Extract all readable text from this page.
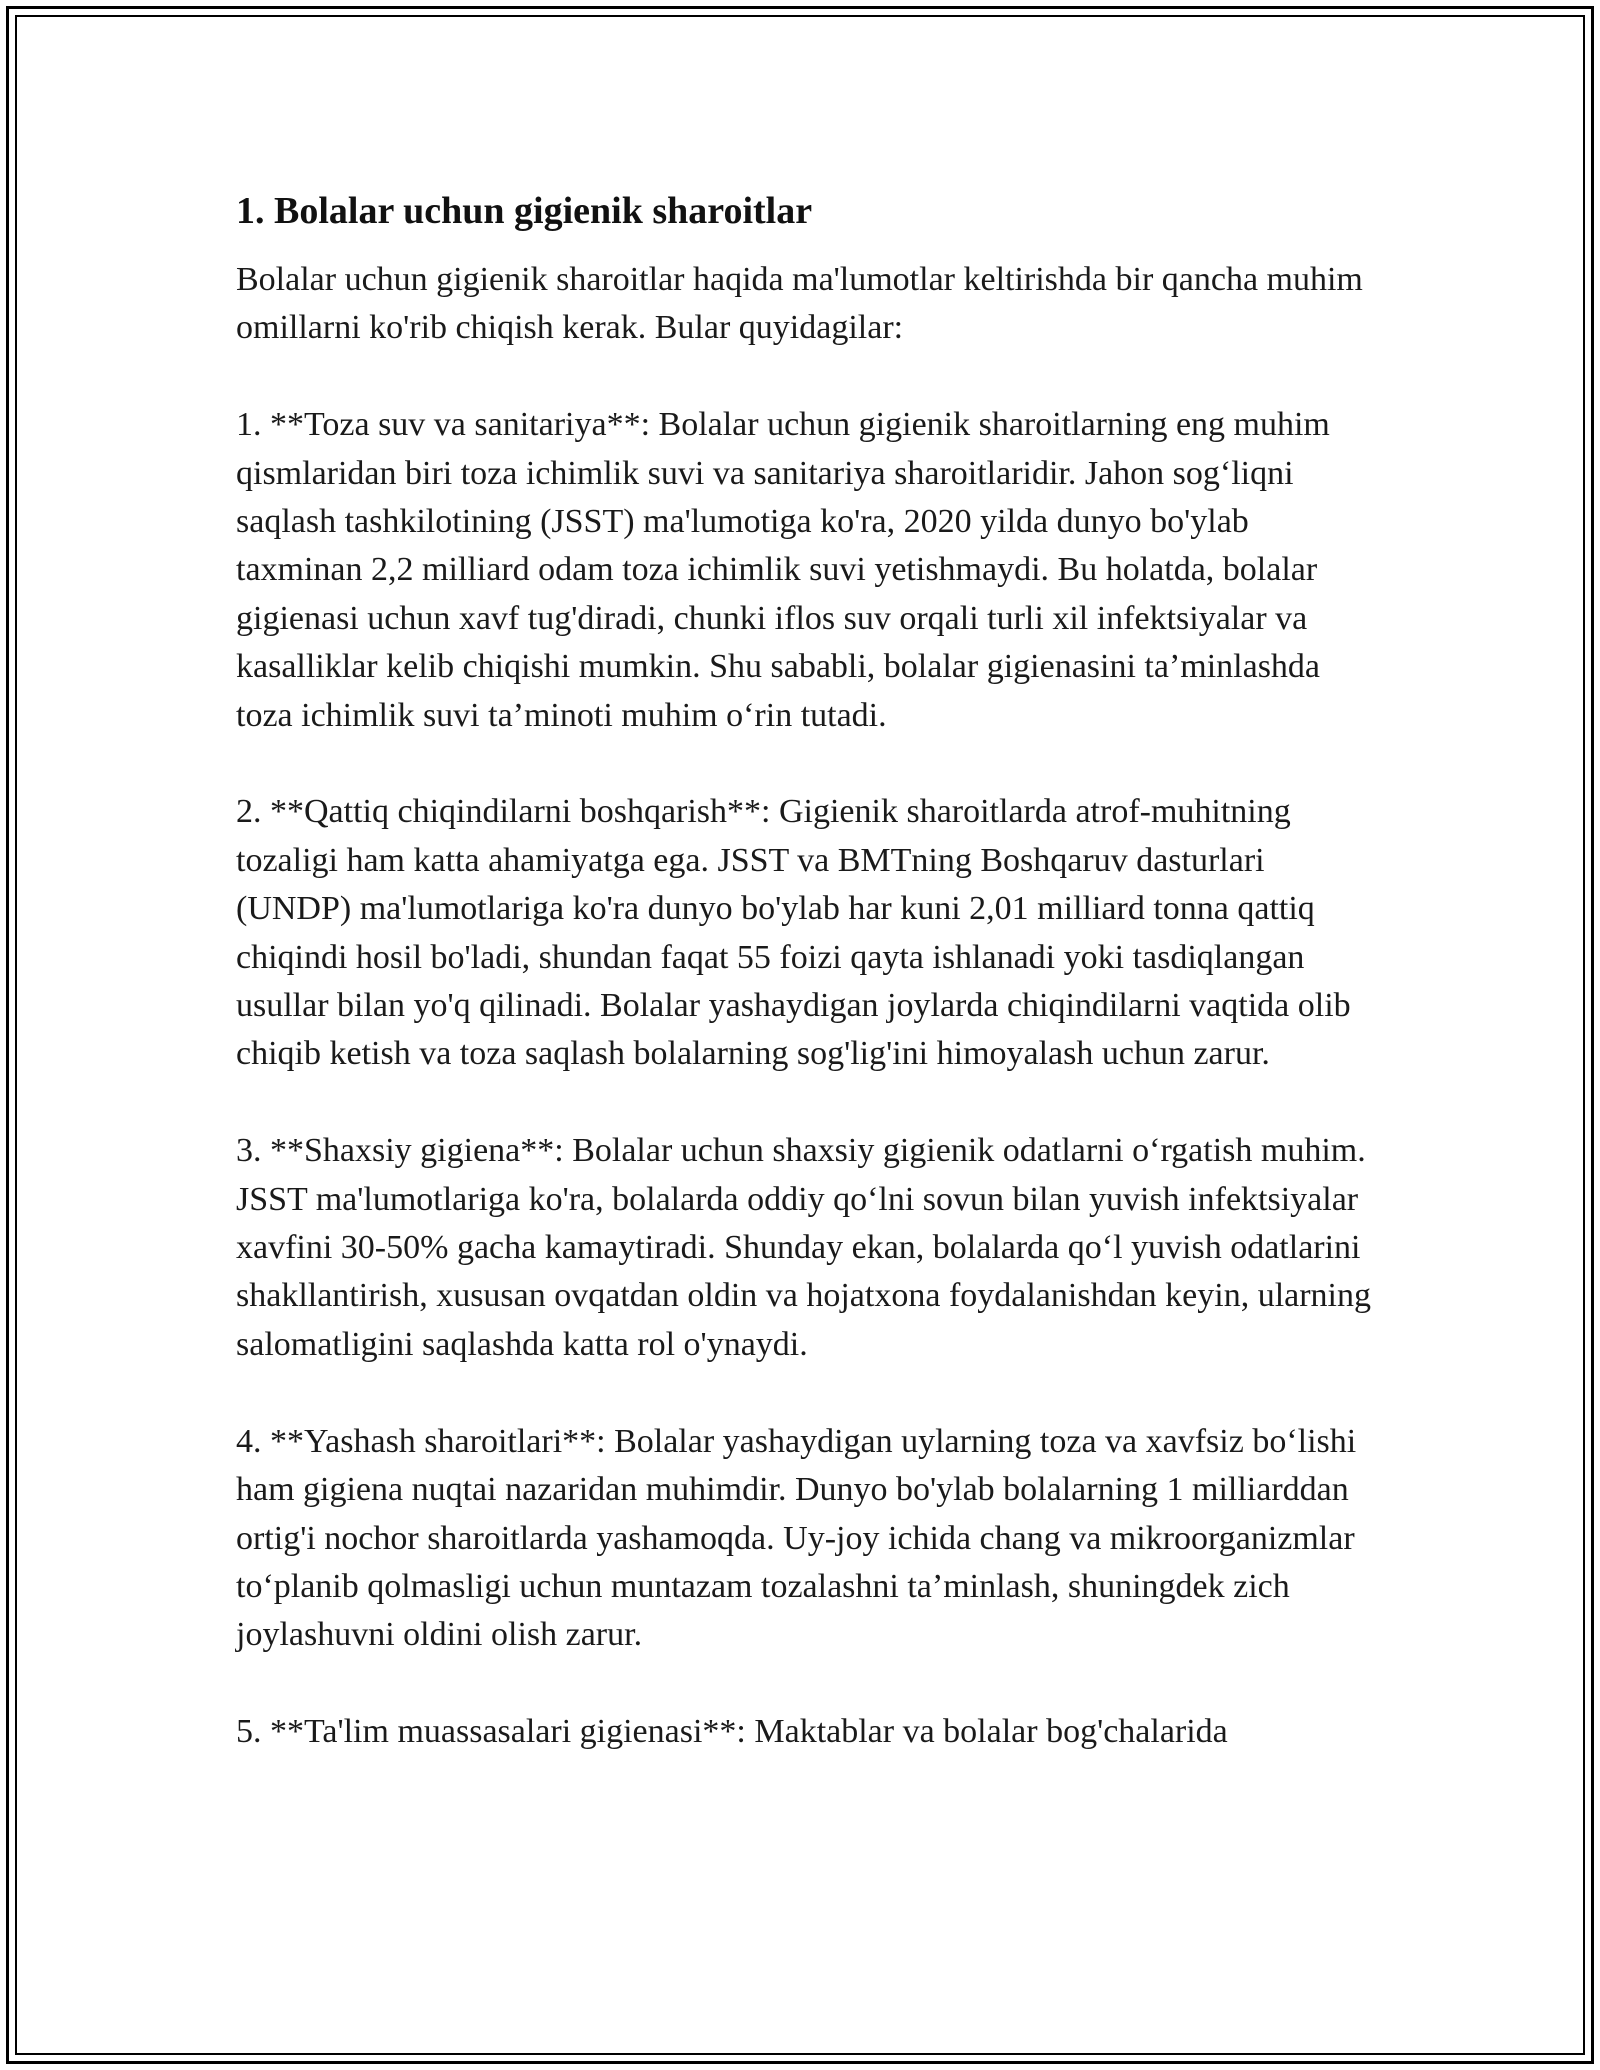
1. Bolalar uchun gigienik sharoitlar

Bolalar uchun gigienik sharoitlar haqida ma'lumotlar keltirishda bir qancha muhim omillarni ko'rib chiqish kerak. Bular quyidagilar:

1. **Toza suv va sanitariya**: Bolalar uchun gigienik sharoitlarning eng muhim qismlaridan biri toza ichimlik suvi va sanitariya sharoitlaridir. Jahon sog‘liqni saqlash tashkilotining (JSST) ma'lumotiga ko'ra, 2020 yilda dunyo bo'ylab taxminan 2,2 milliard odam toza ichimlik suvi yetishmaydi. Bu holatda, bolalar gigienasi uchun xavf tug'diradi, chunki iflos suv orqali turli xil infektsiyalar va kasalliklar kelib chiqishi mumkin. Shu sababli, bolalar gigienasini ta’minlashda toza ichimlik suvi ta’minoti muhim o‘rin tutadi.

2. **Qattiq chiqindilarni boshqarish**: Gigienik sharoitlarda atrof-muhitning tozaligi ham katta ahamiyatga ega. JSST va BMTning Boshqaruv dasturlari (UNDP) ma'lumotlariga ko'ra dunyo bo'ylab har kuni 2,01 milliard tonna qattiq chiqindi hosil bo'ladi, shundan faqat 55 foizi qayta ishlanadi yoki tasdiqlangan usullar bilan yo'q qilinadi. Bolalar yashaydigan joylarda chiqindilarni vaqtida olib chiqib ketish va toza saqlash bolalarning sog'lig'ini himoyalash uchun zarur.

3. **Shaxsiy gigiena**: Bolalar uchun shaxsiy gigienik odatlarni o‘rgatish muhim. JSST ma'lumotlariga ko'ra, bolalarda oddiy qo‘lni sovun bilan yuvish infektsiyalar xavfini 30-50% gacha kamaytiradi. Shunday ekan, bolalarda qo‘l yuvish odatlarini shakllantirish, xususan ovqatdan oldin va hojatxona foydalanishdan keyin, ularning salomatligini saqlashda katta rol o'ynaydi.

4. **Yashash sharoitlari**: Bolalar yashaydigan uylarning toza va xavfsiz bo‘lishi ham gigiena nuqtai nazaridan muhimdir. Dunyo bo'ylab bolalarning 1 milliarddan ortig'i nochor sharoitlarda yashamoqda. Uy-joy ichida chang va mikroorganizmlar to‘planib qolmasligi uchun muntazam tozalashni ta’minlash, shuningdek zich joylashuvni oldini olish zarur.

5. **Ta'lim muassasalari gigienasi**: Maktablar va bolalar bog'chalarida
